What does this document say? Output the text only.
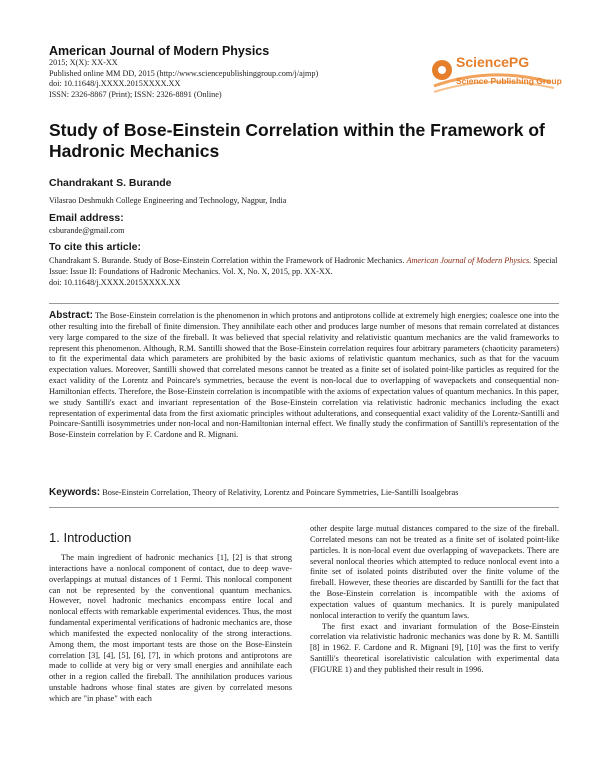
American Journal of Modern Physics
2015; X(X): XX-XX
Published online MM DD, 2015 (http://www.sciencepublishinggroup.com/j/ajmp)
doi: 10.11648/j.XXXX.2015XXXX.XX
ISSN: 2326-8867 (Print); ISSN: 2326-8891 (Online)
SciencePG
Science Publishing Group
Study of Bose-Einstein Correlation within the Framework of Hadronic Mechanics
Chandrakant S. Burande
Vilasrao Deshmukh College Engineering and Technology, Nagpur, India
Email address:
csburande@gmail.com
To cite this article:
Chandrakant S. Burande. Study of Bose-Einstein Correlation within the Framework of Hadronic Mechanics. American Journal of Modern Physics. Special Issue: Issue II: Foundations of Hadronic Mechanics. Vol. X, No. X, 2015, pp. XX-XX.
doi: 10.11648/j.XXXX.2015XXXX.XX
Abstract: The Bose-Einstein correlation is the phenomenon in which protons and antiprotons collide at extremely high energies; coalesce one into the other resulting into the fireball of finite dimension. They annihilate each other and produces large number of mesons that remain correlated at distances very large compared to the size of the fireball. It was believed that special relativity and relativistic quantum mechanics are the valid frameworks to represent this phenomenon. Although, R.M. Santilli showed that the Bose-Einstein correlation requires four arbitrary parameters (chaoticity parameters) to fit the experimental data which parameters are prohibited by the basic axioms of relativistic quantum mechanics, such as that for the vacuum expectation values. Moreover, Santilli showed that correlated mesons cannot be treated as a finite set of isolated point-like particles as required for the exact validity of the Lorentz and Poincare's symmetries, because the event is non-local due to overlapping of wavepackets and consequential non-Hamiltonian effects. Therefore, the Bose-Einstein correlation is incompatible with the axioms of expectation values of quantum mechanics. In this paper, we study Santilli's exact and invariant representation of the Bose-Einstein correlation via relativistic hadronic mechanics including the exact representation of experimental data from the first axiomatic principles without adulterations, and consequential exact validity of the Lorentz-Santilli and Poincare-Santilli isosymmetries under non-local and non-Hamiltonian internal effect. We finally study the confirmation of Santilli's representation of the Bose-Einstein correlation by F. Cardone and R. Mignani.
Keywords: Bose-Einstein Correlation, Theory of Relativity, Lorentz and Poincare Symmetries, Lie-Santilli Isoalgebras
1. Introduction

The main ingredient of hadronic mechanics [1], [2] is that strong interactions have a nonlocal component of contact, due to deep wave-overlappings at mutual distances of 1 Fermi. This nonlocal component can not be represented by the conventional quantum mechanics. However, novel hadronic mechanics encompass entire local and nonlocal effects with remarkable experimental evidences. Thus, the most fundamental experimental verifications of hadronic mechanics are, those which manifested the expected nonlocality of the strong interactions. Among them, the most important tests are those on the Bose-Einstein correlation [3], [4], [5], [6], [7], in which protons and antiprotons are made to collide at very big or very small energies and annihilate each other in a region called the fireball. The annihilation produces various unstable hadrons whose final states are given by correlated mesons which are "in phase" with each

other despite large mutual distances compared to the size of the fireball. Correlated mesons can not be treated as a finite set of isolated point-like particles. It is non-local event due overlapping of wavepackets. There are several nonlocal theories which attempted to reduce nonlocal event into a finite set of isolated points distributed over the finite volume of the fireball. However, these theories are discarded by Santilli for the fact that the Bose-Einstein correlation is incompatible with the axioms of expectation values of quantum mechanics. It is purely manipulated nonlocal interaction to verify the quantum laws.

The first exact and invariant formulation of the Bose-Einstein correlation via relativistic hadronic mechanics was done by R. M. Santilli [8] in 1962. F. Cardone and R. Mignani [9], [10] was the first to verify Santilli's theoretical isorelativistic calculation with experimental data (FIGURE 1) and they published their result in 1996.
